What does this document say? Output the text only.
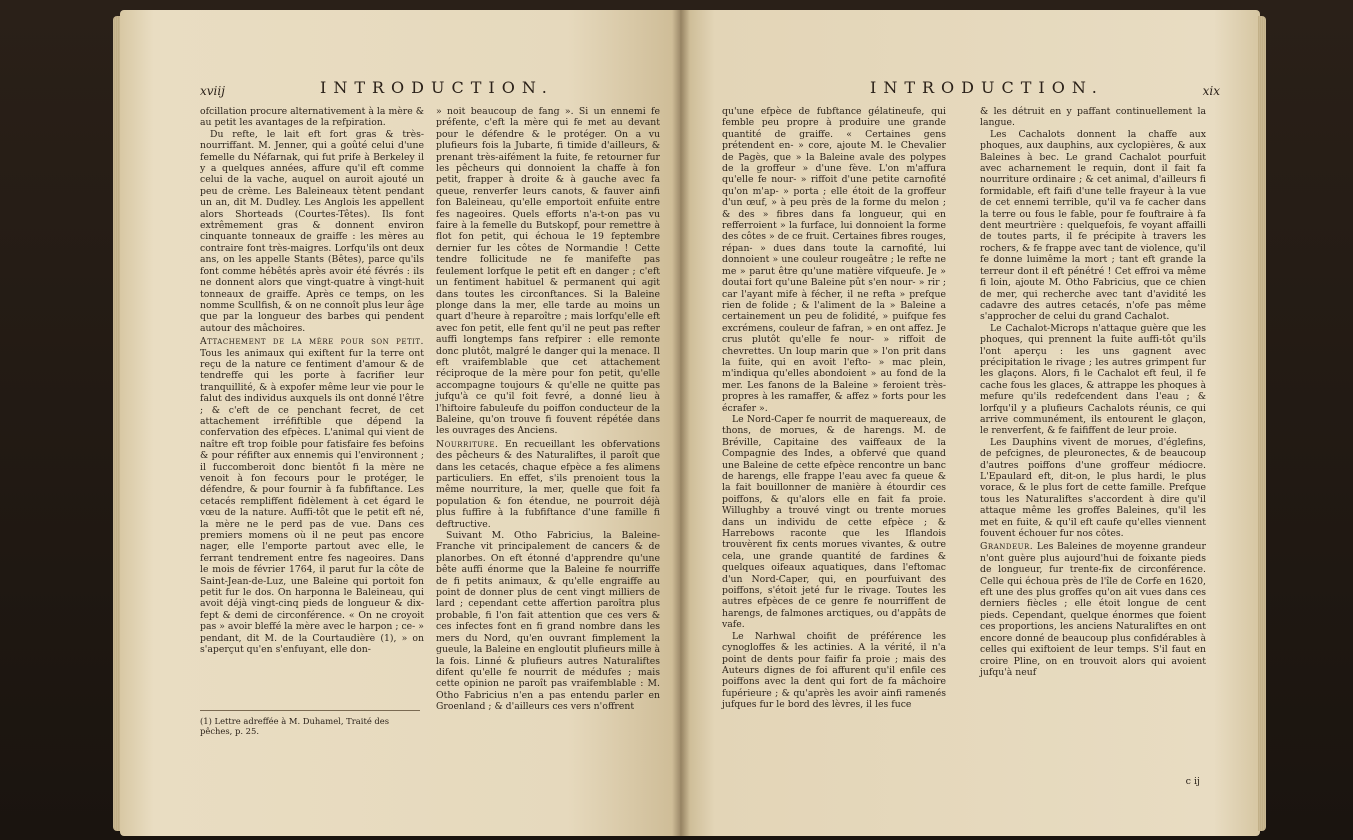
xviij	INTRODUCTION.

ofcillation procure alternativement à la mère & au petit les avantages de la refpiration.

Du refte, le lait eft fort gras & très-nourriffant. M. Jenner, qui a goûté celui d'une femelle du Néfarnak, qui fut prife à Berkeley il y a quelques années, affure qu'il eft comme celui de la vache, auquel on auroit ajouté un peu de crème. Les Baleineaux tètent pendant un an, dit M. Dudley. Les Anglois les appellent alors Shorteads (Courtes-Têtes). Ils font extrêmement gras & donnent environ cinquante tonneaux de graiffe : les mères au contraire font très-maigres. Lorfqu'ils ont deux ans, on les appelle Stants (Bêtes), parce qu'ils font comme hébêtés après avoir été févrés : ils ne donnent alors que vingt-quatre à vingt-huit tonneaux de graiffe. Après ce temps, on les nomme Scullfish, & on ne connoît plus leur âge que par la longueur des barbes qui pendent autour des mâchoires.

Attachement de la mère pour son petit. Tous les animaux qui exiftent fur la terre ont reçu de la nature ce fentiment d'amour & de tendreffe qui les porte à facrifier leur tranquillité, & à expofer même leur vie pour le falut des individus auxquels ils ont donné l'être ; & c'eft de ce penchant fecret, de cet attachement irréfiftible que dépend la confervation des efpèces. L'animal qui vient de naître eft trop foible pour fatisfaire fes befoins & pour réfifter aux ennemis qui l'environnent ; il fuccomberoit donc bientôt fi la mère ne venoit à fon fecours pour le protéger, le défendre, & pour fournir à fa fubfiftance. Les cetacés rempliffent fidèlement à cet égard le vœu de la nature. Auffi-tôt que le petit eft né, la mère ne le perd pas de vue. Dans ces premiers momens où il ne peut pas encore nager, elle l'emporte partout avec elle, le ferrant tendrement entre fes nageoires. Dans le mois de février 1764, il parut fur la côte de Saint-Jean-de-Luz, une Baleine qui portoit fon petit fur le dos. On harponna le Baleineau, qui avoit déjà vingt-cinq pieds de longueur & dix-fept & demi de circonférence. « On ne croyoit pas » avoir bleffé la mère avec le harpon ; ce- » pendant, dit M. de la Courtaudière (1), » on s'aperçut qu'en s'enfuyant, elle don-

» noit beaucoup de fang ». Si un ennemi fe préfente, c'eft la mère qui fe met au devant pour le défendre & le protéger. On a vu plufieurs fois la Jubarte, fi timide d'ailleurs, & prenant très-aifément la fuite, fe retourner fur les pêcheurs qui donnoient la chaffe à fon petit, frapper à droite & à gauche avec fa queue, renverfer leurs canots, & fauver ainfi fon Baleineau, qu'elle emportoit enfuite entre fes nageoires. Quels efforts n'a-t-on pas vu faire à la femelle du Butskopf, pour remettre à flot fon petit, qui échoua le 19 feptembre dernier fur les côtes de Normandie ! Cette tendre follicitude ne fe manifefte pas feulement lorfque le petit eft en danger ; c'eft un fentiment habituel & permanent qui agit dans toutes les circonftances. Si la Baleine plonge dans la mer, elle tarde au moins un quart d'heure à reparoître ; mais lorfqu'elle eft avec fon petit, elle fent qu'il ne peut pas refter auffi longtemps fans refpirer : elle remonte donc plutôt, malgré le danger qui la menace. Il eft vraifemblable que cet attachement réciproque de la mère pour fon petit, qu'elle accompagne toujours & qu'elle ne quitte pas jufqu'à ce qu'il foit fevré, a donné lieu à l'hiftoire fabuleufe du poiffon conducteur de la Baleine, qu'on trouve fi fouvent répétée dans les ouvrages des Anciens.

Nourriture. En recueillant les obfervations des pêcheurs & des Naturaliftes, il paroît que dans les cetacés, chaque efpèce a fes alimens particuliers. En effet, s'ils prenoient tous la même nourriture, la mer, quelle que foit fa population & fon étendue, ne pourroit déjà plus fuffire à la fubfiftance d'une famille fi deftructive.

Suivant M. Otho Fabricius, la Baleine-Franche vit principalement de cancers & de planorbes. On eft étonné d'apprendre qu'une bête auffi énorme que la Baleine fe nourriffe de fi petits animaux, & qu'elle engraiffe au point de donner plus de cent vingt milliers de lard ; cependant cette affertion paroîtra plus probable, fi l'on fait attention que ces vers & ces infectes font en fi grand nombre dans les mers du Nord, qu'en ouvrant fimplement la gueule, la Baleine en engloutit plufieurs mille à la fois. Linné & plufieurs autres Naturaliftes difent qu'elle fe nourrit de médufes ; mais cette opinion ne paroît pas vraifemblable : M. Otho Fabricius n'en a pas entendu parler en Groenland ; & d'ailleurs ces vers n'offrent

(1) Lettre adreffée à M. Duhamel, Traité des pêches, p. 25.
INTRODUCTION.	xix

qu'une efpèce de fubftance gélatineufe, qui femble peu propre à produire une grande quantité de graiffe. « Certaines gens prétendent en- » core, ajoute M. le Chevalier de Pagès, que » la Baleine avale des polypes de la groffeur » d'une fève. L'on m'affura qu'elle fe nour- » riffoit d'une petite carnofité qu'on m'ap- » porta ; elle étoit de la groffeur d'un œuf, » à peu près de la forme du melon ; & des » fibres dans fa longueur, qui en refferroient » la furface, lui donnoient la forme des côtes » de ce fruit. Certaines fibres rouges, répan- » dues dans toute la carnofité, lui donnoient » une couleur rougeâtre ; le refte ne me » parut être qu'une matière vifqueufe. Je » doutai fort qu'une Baleine pût s'en nour- » rir ; car l'ayant mife à fécher, il ne refta » prefque rien de folide ; & l'aliment de la » Baleine a certainement un peu de folidité, » puifque fes excrémens, couleur de fafran, » en ont affez. Je crus plutôt qu'elle fe nour- » riffoit de chevrettes. Un loup marin que » l'on prit dans la fuite, qui en avoit l'efto- » mac plein, m'indiqua qu'elles abondoient » au fond de la mer. Les fanons de la Baleine » feroient très-propres à les ramaffer, & affez » forts pour les écrafer ».

Le Nord-Caper fe nourrit de maquereaux, de thons, de morues, & de harengs. M. de Bréville, Capitaine des vaiffeaux de la Compagnie des Indes, a obfervé que quand une Baleine de cette efpèce rencontre un banc de harengs, elle frappe l'eau avec fa queue & la fait bouillonner de manière à étourdir ces poiffons, & qu'alors elle en fait fa proie. Willughby a trouvé vingt ou trente morues dans un individu de cette efpèce ; & Harrebows raconte que les Iflandois trouvèrent fix cents morues vivantes, & outre cela, une grande quantité de fardines & quelques oifeaux aquatiques, dans l'eftomac d'un Nord-Caper, qui, en pourfuivant des poiffons, s'étoit jeté fur le rivage. Toutes les autres efpèces de ce genre fe nourriffent de harengs, de falmones arctiques, ou d'appâts de vafe.

Le Narhwal choifit de préférence les cynogloffes & les actinies. A la vérité, il n'a point de dents pour faifir fa proie ; mais des Auteurs dignes de foi affurent qu'il enfile ces poiffons avec la dent qui fort de fa mâchoire fupérieure ; & qu'après les avoir ainfi ramenés jufques fur le bord des lèvres, il les fuce

& les détruit en y paffant continuellement la langue.

Les Cachalots donnent la chaffe aux phoques, aux dauphins, aux cyclopières, & aux Baleines à bec. Le grand Cachalot pourfuit avec acharnement le requin, dont il fait fa nourriture ordinaire ; & cet animal, d'ailleurs fi formidable, eft faifi d'une telle frayeur à la vue de cet ennemi terrible, qu'il va fe cacher dans la terre ou fous le fable, pour fe fouftraire à fa dent meurtrière : quelquefois, fe voyant affailli de toutes parts, il fe précipite à travers les rochers, & fe frappe avec tant de violence, qu'il fe donne luimême la mort ; tant eft grande la terreur dont il eft pénétré ! Cet effroi va même fi loin, ajoute M. Otho Fabricius, que ce chien de mer, qui recherche avec tant d'avidité les cadavre des autres cetacés, n'ofe pas même s'approcher de celui du grand Cachalot.

Le Cachalot-Microps n'attaque guère que les phoques, qui prennent la fuite auffi-tôt qu'ils l'ont aperçu : les uns gagnent avec précipitation le rivage ; les autres grimpent fur les glaçons. Alors, fi le Cachalot eft feul, il fe cache fous les glaces, & attrappe les phoques à mefure qu'ils redefcendent dans l'eau ; & lorfqu'il y a plufieurs Cachalots réunis, ce qui arrive communément, ils entourent le glaçon, le renverfent, & fe faififfent de leur proie.

Les Dauphins vivent de morues, d'églefins, de pefcignes, de pleuronectes, & de beaucoup d'autres poiffons d'une groffeur médiocre. L'Epaulard eft, dit-on, le plus hardi, le plus vorace, & le plus fort de cette famille. Prefque tous les Naturaliftes s'accordent à dire qu'il attaque même les groffes Baleines, qu'il les met en fuite, & qu'il eft caufe qu'elles viennent fouvent échouer fur nos côtes.

Grandeur. Les Baleines de moyenne grandeur n'ont guère plus aujourd'hui de foixante pieds de longueur, fur trente-fix de circonférence. Celle qui échoua près de l'île de Corfe en 1620, eft une des plus groffes qu'on ait vues dans ces derniers fiècles ; elle étoit longue de cent pieds. Cependant, quelque énormes que foient ces proportions, les anciens Naturaliftes en ont encore donné de beaucoup plus confidérables à celles qui exiftoient de leur temps. S'il faut en croire Pline, on en trouvoit alors qui avoient jufqu'à neuf

c ij
